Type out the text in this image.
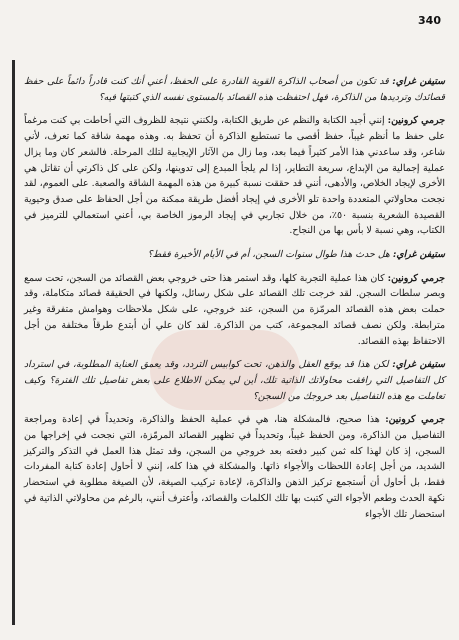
340

ستيفن غراي: قد تكون من أصحاب الذاكرة القوية القادرة على الحفظ، أعني أنك كنت قادراً دائماً على حفظ قصائدك وترديدها من الذاكرة، فهل احتفظت هذه القصائد بالمستوى نفسه الذي كتبتها فيه؟

جرمي كرونين: إنني أجيد الكتابة والنظم عن طريق الكتابة، ولكنني نتيجة للظروف التي أحاطت بي كنت مرغماً على حفظ ما أنظم غيباً، حفظ أقصى ما تستطيع الذاكرة أن تحفظ به. وهذه مهمة شاقة كما تعرف، لأني شاعر، وقد ساعدني هذا الأمر كثيراً فيما بعد، وما زال من الآثار الإيجابية لتلك المرحلة. فالشعر كان وما يزال عملية إجمالية من الإبداع، سريعة التطاير، إذا لم يلجأ المبدع إلى تدوينها، ولكن على كل ذاكرتي أن تقاتل هي الأخرى لإيجاد الخلاص، والأدهى، أنني قد حققت نسبة كبيرة من هذه المهمة الشاقة والصعبة. على العموم، لقد نجحت محاولاتي المتعددة واحدة تلو الأخرى في إيجاد أفضل طريقة ممكنة من أجل الحفاظ على صدق وحيوية القصيدة الشعرية بنسبة ٥٠٪، من خلال تجاربي في إيجاد الرموز الخاصة بي، أعني استعمالي للترميز في الكتاب، وهي نسبة لا بأس بها من النجاح.

ستيفن غراي: هل حدث هذا طوال سنوات السجن، أم في الأيام الأخيرة فقط؟

جرمي كرونين: كان هذا عملية التجربة كلها، وقد استمر هذا حتى خروجي بعض القصائد من السجن، تحت سمع وبصر سلطات السجن. لقد خرجت تلك القصائد على شكل رسائل، ولكنها في الحقيقة قصائد متكاملة، وقد حملت بعض هذه القصائد المرمّزة من السجن، عند خروجي، على شكل ملاحظات وهوامش متفرقة وغير مترابطة. ولكن نصف قصائد المجموعة، كتب من الذاكرة. لقد كان علي أن أبتدع طرقاً مختلفة من أجل الاحتفاظ بهذه القصائد.

ستيفن غراي: لكن هذا قد يوقع العقل والذهن، تحت كوابيس التردد، وقد يعمق العناية المطلوبة، في استرداد كل التفاصيل التي رافقت محاولاتك الذاتية تلك، أين لي يمكن الاطلاع على بعض تفاصيل تلك الفترة؟ وكيف تعاملت مع هذه التفاصيل بعد خروجك من السجن؟

جرمي كرونين: هذا صحيح، فالمشكلة هنا، هي في عملية الحفظ والذاكرة، وتحديداً في إعادة ومراجعة التفاصيل من الذاكرة، ومن الحفظ غيباً، وتحديداً في تظهير القصائد المرمّزة، التي نجحت في إخراجها من السجن، إذ كان لهذا كله ثمن كبير دفعته بعد خروجي من السجن، وقد تمثل هذا العمل في التذكر والتركيز الشديد، من أجل إعادة اللحظات والأجواء ذاتها. والمشكلة في هذا كله، إنني لا أحاول إعادة كتابة المفردات فقط، بل أحاول أن أستجمع تركيز الذهن والذاكرة، لإعادة تركيب الصيغة، لأن الصيغة مطلوبة في استحضار نكهة الحدث وطعم الأجواء التي كتبت بها تلك الكلمات والقصائد، وأعترف أنني، بالرغم من محاولاتي الذاتية في استحضار تلك الأجواء
